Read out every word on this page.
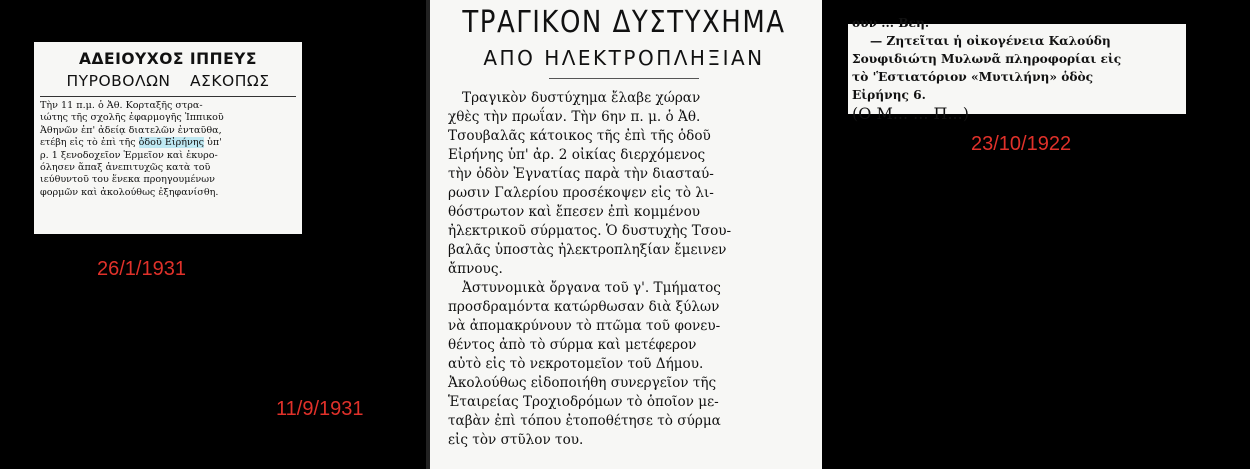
ΑΔΕΙΟΥΧΟΣ ΙΠΠΕΥΣ
ΠΥΡΟΒΟΛΩΝ ΑΣΚΟΠΩΣ
Τὴν 11 π.μ. ὁ Ἀθ. Κορταξῆς στρα-
ιώτης τῆς σχολῆς ἐφαρμογῆς Ἱππικοῦ
Ἀθηνῶν ἐπ' ἀδείᾳ διατελῶν ἐνταῦθα,
ετέβη εἰς τὸ ἐπὶ τῆς ὁδοῦ Εἰρήνης ὑπ'
ρ. 1 ξενοδοχεῖον Ἑρμεῖον καὶ ἐκυρο-
όλησεν ἅπαξ ἀνεπιτυχῶς κατὰ τοῦ
ιεύθυντοῦ του ἕνεκα προηγουμένων
φορμῶν καὶ ἀκολούθως ἐξηφανίσθη.
26/1/1931
ΤΡΑΓΙΚΟΝ ΔΥΣΤΥΧΗΜΑ
ΑΠΟ ΗΛΕΚΤΡΟΠΛΗΞΙΑΝ
Τραγικὸν δυστύχημα ἔλαβε χώραν
χθὲς τὴν πρωΐαν. Τὴν 6ην π. μ. ὁ Ἀθ.
Τσουβαλᾶς κάτοικος τῆς ἐπὶ τῆς ὁδοῦ
Εἰρήνης ὑπ' ἀρ. 2 οἰκίας διερχόμενος
τὴν ὁδὸν Ἐγνατίας παρὰ τὴν διασταύ-
ρωσιν Γαλερίου προσέκοψεν εἰς τὸ λι-
θόστρωτον καὶ ἔπεσεν ἐπὶ κομμένου
ἠλεκτρικοῦ σύρματος. Ὁ δυστυχὴς Τσου-
βαλᾶς ὑποστὰς ἠλεκτροπληξίαν ἔμεινεν
ἄπνους.
Ἀστυνομικὰ ὄργανα τοῦ γ'. Τμήματος
προσδραμόντα κατώρθωσαν διὰ ξύλων
νὰ ἀπομακρύνουν τὸ πτῶμα τοῦ φονευ-
θέντος ἀπὸ τὸ σύρμα καὶ μετέφερον
αὐτὸ εἰς τὸ νεκροτομεῖον τοῦ Δήμου.
Ἀκολούθως εἰδοποιήθη συνεργεῖον τῆς
Ἑταιρείας Τροχιοδρόμων τὸ ὁποῖον με-
ταβὰν ἐπὶ τόπου ἐτοποθέτησε τὸ σύρμα
εἰς τὸν στῦλον του.
11/9/1931
ουν ... Βεη.
— Ζητεῖται ἡ οἰκογένεια Καλούδη
Σουφιδιώτη Μυλωνᾶ πληροφορίαι εἰς
τὸ 'Ἑστιατόριον «Μυτιλήνη» ὁδὸς
Εἰρήνης 6.
(Ο Μ... ... Π...)
23/10/1922
